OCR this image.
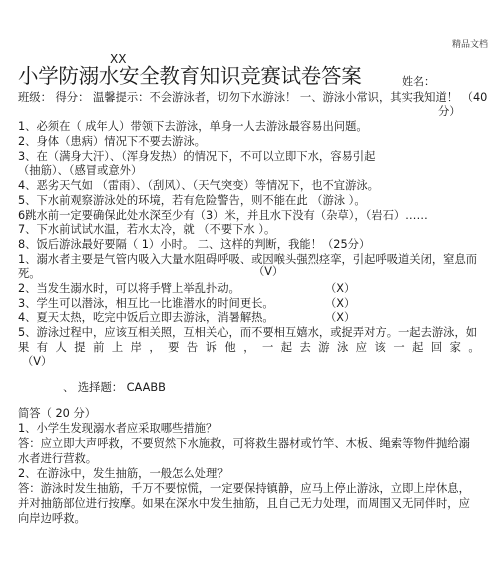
精品文档
XX
小学防溺水安全教育知识竞赛试卷答案	姓名：
班级： 得分： 温馨提示：不会游泳者，切勿下水游泳！ 一、游泳小常识，其实我知道！ （40
分）
1、必须在（ 成年人）带领下去游泳，单身一人去游泳最容易出问题。
2、身体（患病）情况下不要去游泳。
3、在（满身大汗）、（浑身发热）的情况下，不可以立即下水，容易引起
（抽筋）、（感冒或意外）
4、恶劣天气如 （雷雨）、（刮风）、（天气突变）等情况下，也不宜游泳。
5、下水前观察游泳处的环境，若有危险警告，则不能在此 （游泳 ）。
6跳水前一定要确保此处水深至少有（3）米，并且水下没有（杂草），（岩石）……
7、下水前试试水温，若水太冷，就 （不要下水 ）。
8、饭后游泳最好要隔（ 1）小时。 二、这样的判断，我能！（25分）
1、溺水者主要是气管内吸入大量水阻碍呼吸、或因喉头强烈痉挛，引起呼吸道关闭，窒息而
死。	（V）
2、当发生溺水时，可以将手臂上举乱扑动。	（X）
3、学生可以潜泳，相互比一比谁潜水的时间更长。	（X）
4、夏天太热，吃完中饭后立即去游泳，消暑解热。	（X）
5、游泳过程中，应该互相关照，互相关心，而不要相互嬉水，或捉弄对方。一起去游泳，如
果 有 人 提 前 上 岸 ， 要 告 诉 他 ， 一 起 去 游 泳 应 该 一 起 回 家 。
（V）
、 选择题： CAABB
简答（ 20 分）
1、小学生发现溺水者应采取哪些措施？
答：应立即大声呼救，不要贸然下水施救，可将救生器材或竹竿、木板、绳索等物件抛给溺
水者进行营救。
2、在游泳中，发生抽筋，一般怎么处理？
答：游泳时发生抽筋，千万不要惊慌，一定要保持镇静，应马上停止游泳，立即上岸休息，
并对抽筋部位进行按摩。如果在深水中发生抽筋，且自己无力处理，而周围又无同伴时，应
向岸边呼救。
